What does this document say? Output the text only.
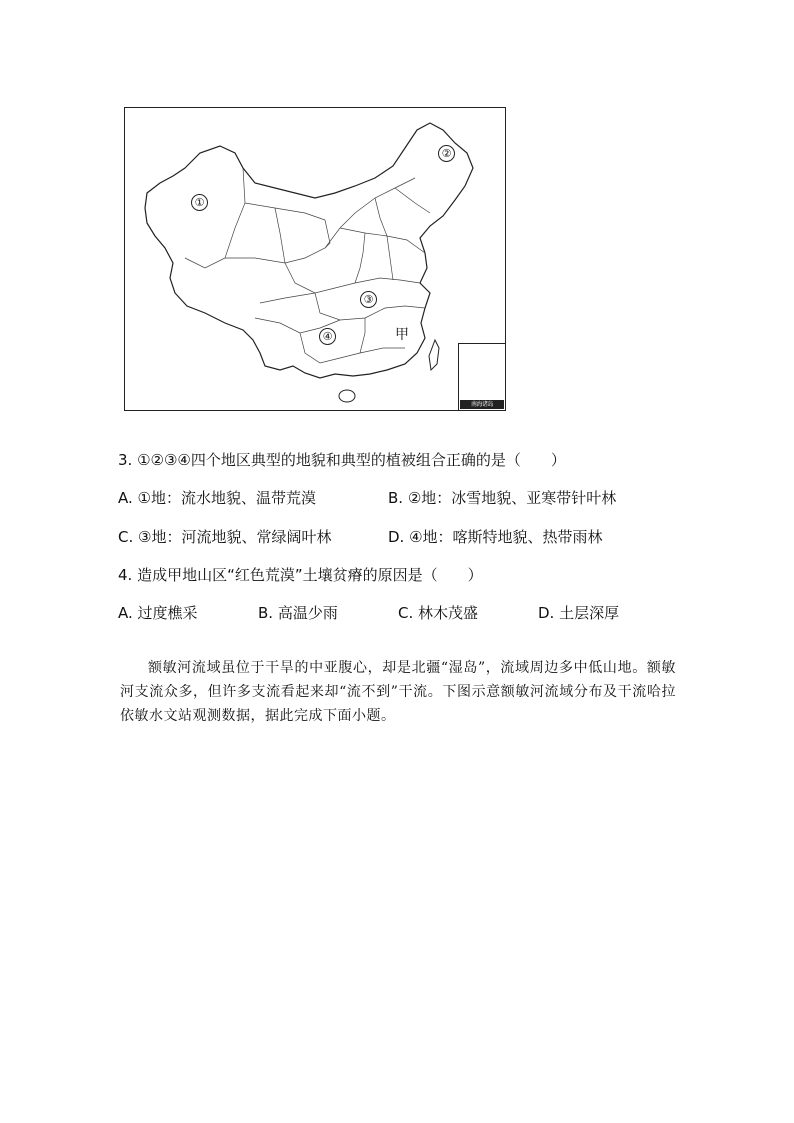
①
②
③
④	甲
南海诸岛
3. ①②③④四个地区典型的地貌和典型的植被组合正确的是（　　）
A. ①地：流水地貌、温带荒漠	B. ②地：冰雪地貌、亚寒带针叶林
C. ③地：河流地貌、常绿阔叶林	D. ④地：喀斯特地貌、热带雨林
4. 造成甲地山区“红色荒漠”土壤贫瘠的原因是（　　）
A. 过度樵采	B. 高温少雨	C. 林木茂盛	D. 土层深厚
额敏河流域虽位于干旱的中亚腹心，却是北疆“湿岛”，流域周边多中低山地。额敏河支流众多，但许多支流看起来却“流不到”干流。下图示意额敏河流域分布及干流哈拉依敏水文站观测数据，据此完成下面小题。
